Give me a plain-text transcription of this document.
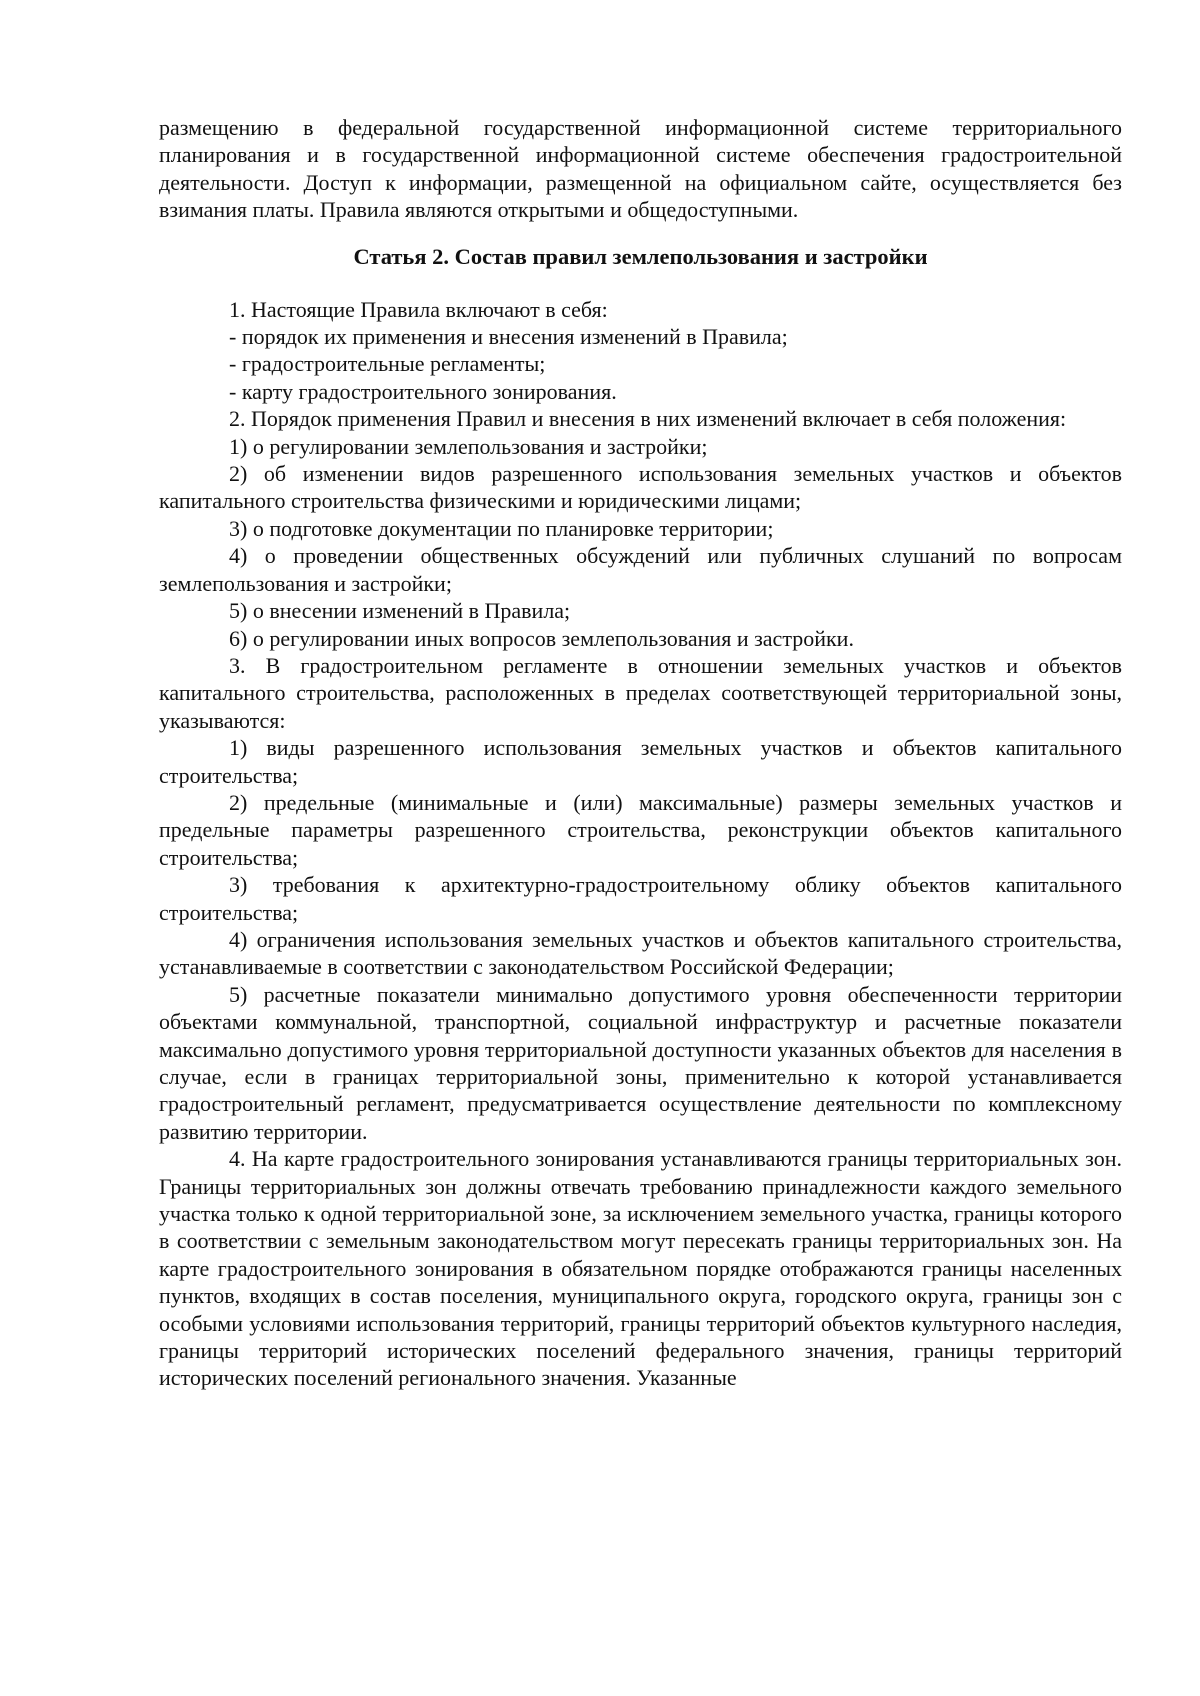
размещению в федеральной государственной информационной системе территориального планирования и в государственной информационной системе обеспечения градостроительной деятельности. Доступ к информации, размещенной на официальном сайте, осуществляется без взимания платы. Правила являются открытыми и общедоступными.

Статья 2. Состав правил землепользования и застройки

1. Настоящие Правила включают в себя:

- порядок их применения и внесения изменений в Правила;

- градостроительные регламенты;

- карту градостроительного зонирования.

2. Порядок применения Правил и внесения в них изменений включает в себя положения:

1) о регулировании землепользования и застройки;

2) об изменении видов разрешенного использования земельных участков и объектов капитального строительства физическими и юридическими лицами;

3) о подготовке документации по планировке территории;

4) о проведении общественных обсуждений или публичных слушаний по вопросам землепользования и застройки;

5) о внесении изменений в Правила;

6) о регулировании иных вопросов землепользования и застройки.

3. В градостроительном регламенте в отношении земельных участков и объектов капитального строительства, расположенных в пределах соответствующей территориальной зоны, указываются:

1) виды разрешенного использования земельных участков и объектов капитального строительства;

2) предельные (минимальные и (или) максимальные) размеры земельных участков и предельные параметры разрешенного строительства, реконструкции объектов капитального строительства;

3) требования к архитектурно-градостроительному облику объектов капитального строительства;

4) ограничения использования земельных участков и объектов капитального строительства, устанавливаемые в соответствии с законодательством Российской Федерации;

5) расчетные показатели минимально допустимого уровня обеспеченности территории объектами коммунальной, транспортной, социальной инфраструктур и расчетные показатели максимально допустимого уровня территориальной доступности указанных объектов для населения в случае, если в границах территориальной зоны, применительно к которой устанавливается градостроительный регламент, предусматривается осуществление деятельности по комплексному развитию территории.

4. На карте градостроительного зонирования устанавливаются границы территориальных зон. Границы территориальных зон должны отвечать требованию принадлежности каждого земельного участка только к одной территориальной зоне, за исключением земельного участка, границы которого в соответствии с земельным законодательством могут пересекать границы территориальных зон. На карте градостроительного зонирования в обязательном порядке отображаются границы населенных пунктов, входящих в состав поселения, муниципального округа, городского округа, границы зон с особыми условиями использования территорий, границы территорий объектов культурного наследия, границы территорий исторических поселений федерального значения, границы территорий исторических поселений регионального значения. Указанные
